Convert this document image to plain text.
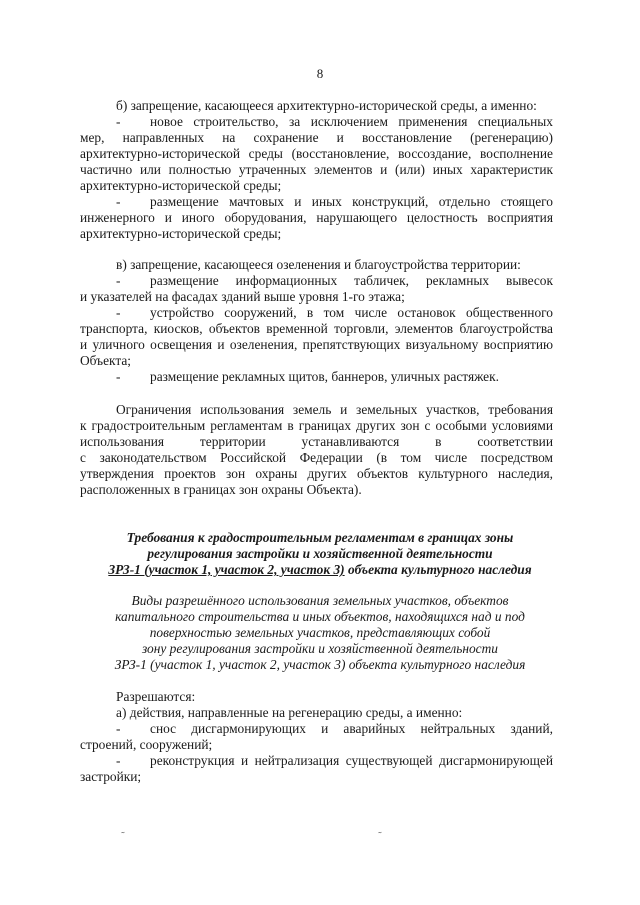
8
б) запрещение, касающееся архитектурно-исторической среды, а именно:
- новое строительство, за исключением применения специальных
мер, направленных на сохранение и восстановление (регенерацию)
архитектурно-исторической среды (восстановление, воссоздание, восполнение
частично или полностью утраченных элементов и (или) иных характеристик
архитектурно-исторической среды;
- размещение мачтовых и иных конструкций, отдельно стоящего
инженерного и иного оборудования, нарушающего целостность восприятия
архитектурно-исторической среды;
в) запрещение, касающееся озеленения и благоустройства территории:
- размещение информационных табличек, рекламных вывесок
и указателей на фасадах зданий выше уровня 1-го этажа;
- устройство сооружений, в том числе остановок общественного
транспорта, киосков, объектов временной торговли, элементов благоустройства
и уличного освещения и озеленения, препятствующих визуальному восприятию
Объекта;
- размещение рекламных щитов, баннеров, уличных растяжек.
Ограничения использования земель и земельных участков, требования
к градостроительным регламентам в границах других зон с особыми условиями
использования территории устанавливаются в соответствии
с законодательством Российской Федерации (в том числе посредством
утверждения проектов зон охраны других объектов культурного наследия,
расположенных в границах зон охраны Объекта).
Требования к градостроительным регламентам в границах зоны
регулирования застройки и хозяйственной деятельности
ЗРЗ-1 (участок 1, участок 2, участок 3) объекта культурного наследия
Виды разрешённого использования земельных участков, объектов
капитального строительства и иных объектов, находящихся над и под
поверхностью земельных участков, представляющих собой
зону регулирования застройки и хозяйственной деятельности
ЗРЗ-1 (участок 1, участок 2, участок 3) объекта культурного наследия
Разрешаются:
а) действия, направленные на регенерацию среды, а именно:
- снос дисгармонирующих и аварийных нейтральных зданий,
строений, сооружений;
- реконструкция и нейтрализация существующей дисгармонирующей
застройки;
˜	˜
